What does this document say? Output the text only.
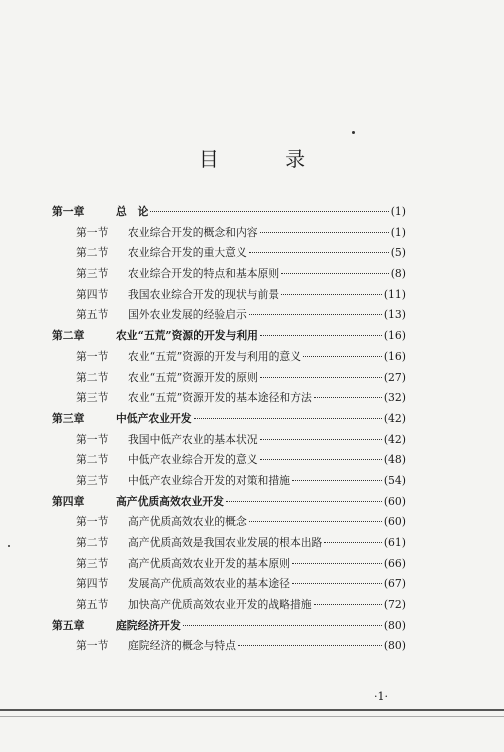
目 录
第一章	总　论	(1)
第一节	农业综合开发的概念和内容	(1)
第二节	农业综合开发的重大意义	(5)
第三节	农业综合开发的特点和基本原则	(8)
第四节	我国农业综合开发的现状与前景	(11)
第五节	国外农业发展的经验启示	(13)
第二章	农业“五荒”资源的开发与利用	(16)
第一节	农业“五荒”资源的开发与利用的意义	(16)
第二节	农业“五荒”资源开发的原则	(27)
第三节	农业“五荒”资源开发的基本途径和方法	(32)
第三章	中低产农业开发	(42)
第一节	我国中低产农业的基本状况	(42)
第二节	中低产农业综合开发的意义	(48)
第三节	中低产农业综合开发的对策和措施	(54)
第四章	高产优质高效农业开发	(60)
第一节	高产优质高效农业的概念	(60)
第二节	高产优质高效是我国农业发展的根本出路	(61)
第三节	高产优质高效农业开发的基本原则	(66)
第四节	发展高产优质高效农业的基本途径	(67)
第五节	加快高产优质高效农业开发的战略措施	(72)
第五章	庭院经济开发	(80)
第一节	庭院经济的概念与特点	(80)
·1·
